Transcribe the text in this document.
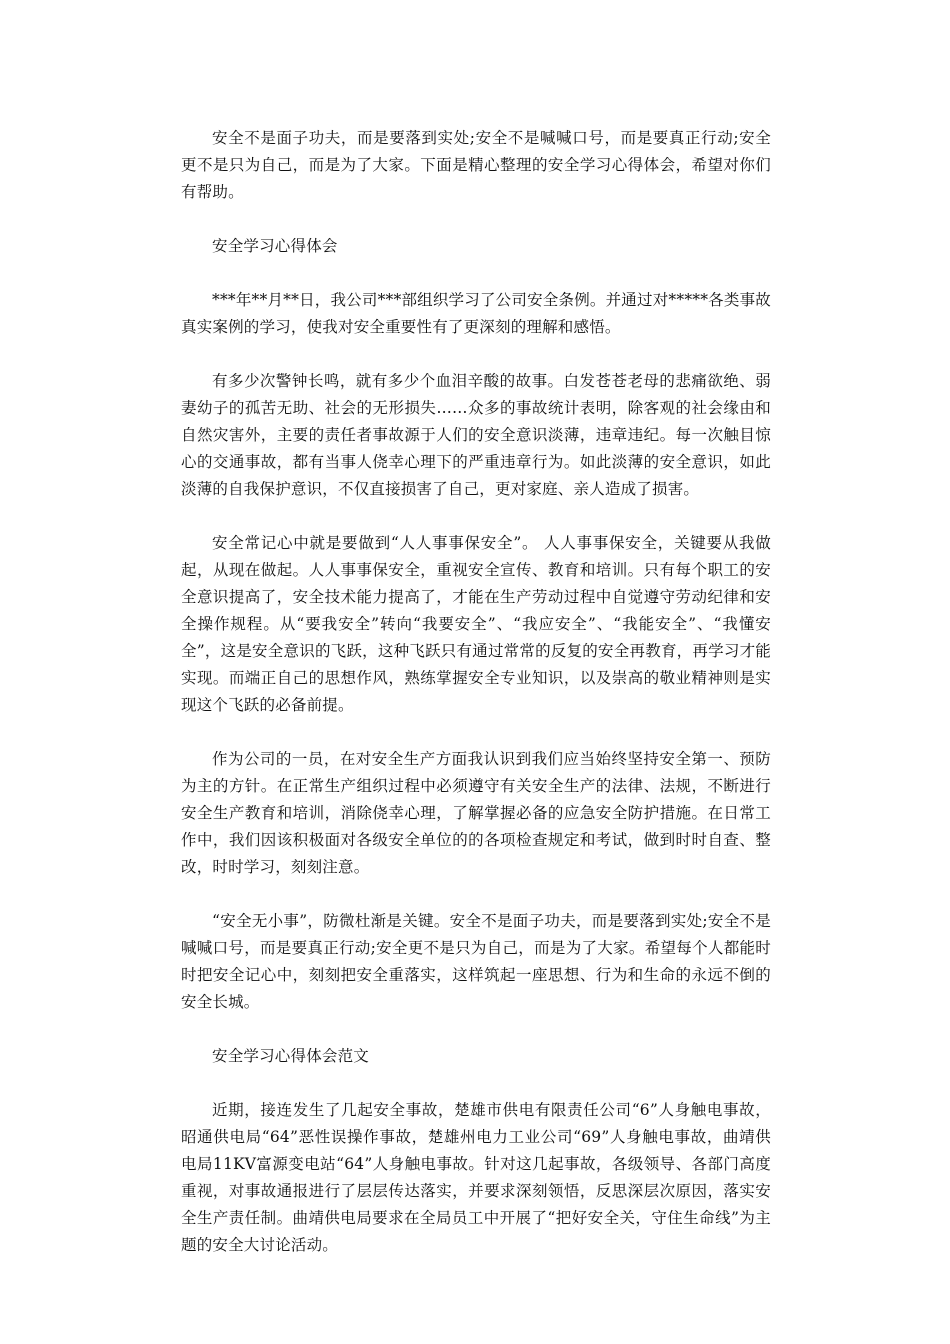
安全不是面子功夫，而是要落到实处;安全不是喊喊口号，而是要真正行动;安全更不是只为自己，而是为了大家。下面是精心整理的安全学习心得体会，希望对你们有帮助。

安全学习心得体会

***年**月**日，我公司***部组织学习了公司安全条例。并通过对*****各类事故真实案例的学习，使我对安全重要性有了更深刻的理解和感悟。

有多少次警钟长鸣，就有多少个血泪辛酸的故事。白发苍苍老母的悲痛欲绝、弱妻幼子的孤苦无助、社会的无形损失……众多的事故统计表明，除客观的社会缘由和自然灾害外，主要的责任者事故源于人们的安全意识淡薄，违章违纪。每一次触目惊心的交通事故，都有当事人侥幸心理下的严重违章行为。如此淡薄的安全意识，如此淡薄的自我保护意识，不仅直接损害了自己，更对家庭、亲人造成了损害。

安全常记心中就是要做到“人人事事保安全”。 人人事事保安全，关键要从我做起，从现在做起。人人事事保安全，重视安全宣传、教育和培训。只有每个职工的安全意识提高了，安全技术能力提高了，才能在生产劳动过程中自觉遵守劳动纪律和安全操作规程。从“要我安全”转向“我要安全”、“我应安全”、“我能安全”、“我懂安全”，这是安全意识的飞跃，这种飞跃只有通过常常的反复的安全再教育，再学习才能实现。而端正自己的思想作风，熟练掌握安全专业知识，以及崇高的敬业精神则是实现这个飞跃的必备前提。

作为公司的一员，在对安全生产方面我认识到我们应当始终坚持安全第一、预防为主的方针。在正常生产组织过程中必须遵守有关安全生产的法律、法规，不断进行安全生产教育和培训，消除侥幸心理，了解掌握必备的应急安全防护措施。在日常工作中，我们因该积极面对各级安全单位的的各项检查规定和考试，做到时时自查、整改，时时学习，刻刻注意。

“安全无小事”，防微杜渐是关键。安全不是面子功夫，而是要落到实处;安全不是喊喊口号，而是要真正行动;安全更不是只为自己，而是为了大家。希望每个人都能时时把安全记心中，刻刻把安全重落实，这样筑起一座思想、行为和生命的永远不倒的安全长城。

安全学习心得体会范文

近期，接连发生了几起安全事故，楚雄市供电有限责任公司“6”人身触电事故，昭通供电局“64”恶性误操作事故，楚雄州电力工业公司“69”人身触电事故，曲靖供电局11KV富源变电站“64”人身触电事故。针对这几起事故，各级领导、各部门高度重视，对事故通报进行了层层传达落实，并要求深刻领悟，反思深层次原因，落实安全生产责任制。曲靖供电局要求在全局员工中开展了“把好安全关，守住生命线”为主题的安全大讨论活动。
